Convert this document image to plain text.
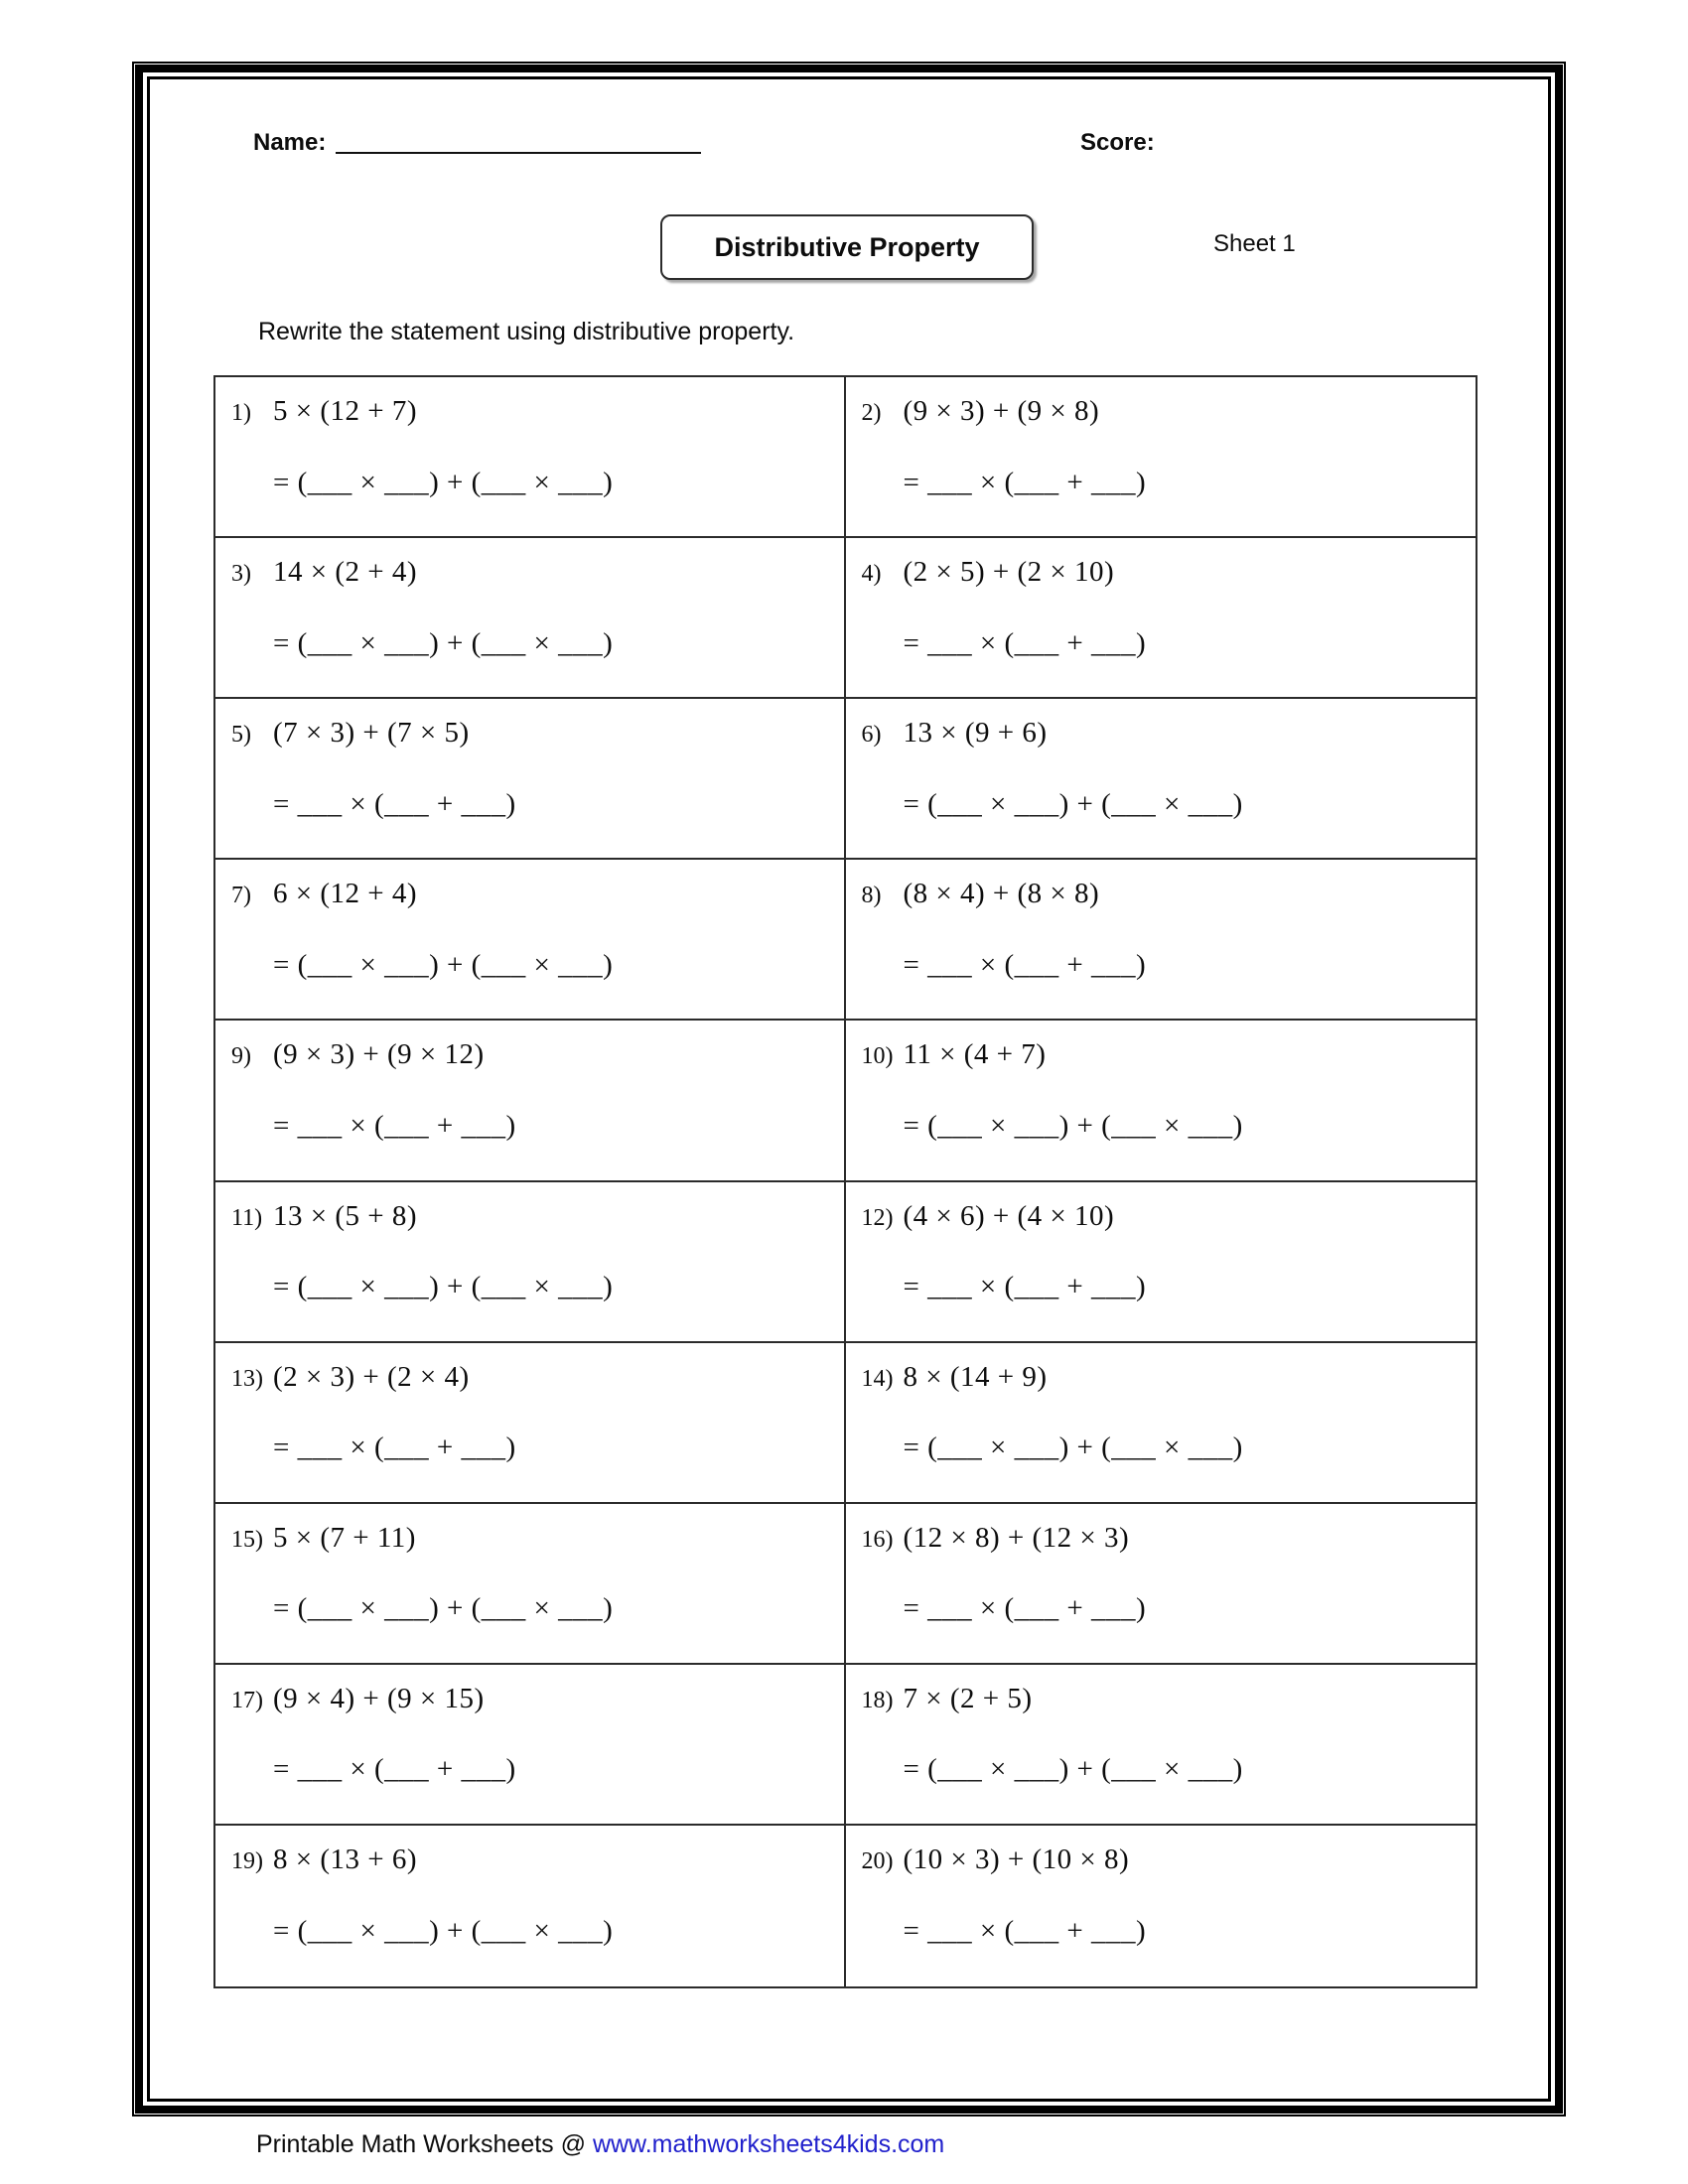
Name:	Score:
Distributive Property	Sheet 1
Rewrite the statement using distributive property.
1) 5 × (12 + 7)
= (___ × ___) + (___ × ___)
2) (9 × 3) + (9 × 8)
= ___ × (___ + ___)
3) 14 × (2 + 4)
= (___ × ___) + (___ × ___)
4) (2 × 5) + (2 × 10)
= ___ × (___ + ___)
5) (7 × 3) + (7 × 5)
= ___ × (___ + ___)
6) 13 × (9 + 6)
= (___ × ___) + (___ × ___)
7) 6 × (12 + 4)
= (___ × ___) + (___ × ___)
8) (8 × 4) + (8 × 8)
= ___ × (___ + ___)
9) (9 × 3) + (9 × 12)
= ___ × (___ + ___)
10) 11 × (4 + 7)
= (___ × ___) + (___ × ___)
11) 13 × (5 + 8)
= (___ × ___) + (___ × ___)
12) (4 × 6) + (4 × 10)
= ___ × (___ + ___)
13) (2 × 3) + (2 × 4)
= ___ × (___ + ___)
14) 8 × (14 + 9)
= (___ × ___) + (___ × ___)
15) 5 × (7 + 11)
= (___ × ___) + (___ × ___)
16) (12 × 8) + (12 × 3)
= ___ × (___ + ___)
17) (9 × 4) + (9 × 15)
= ___ × (___ + ___)
18) 7 × (2 + 5)
= (___ × ___) + (___ × ___)
19) 8 × (13 + 6)
= (___ × ___) + (___ × ___)
20) (10 × 3) + (10 × 8)
= ___ × (___ + ___)
Printable Math Worksheets @ www.mathworksheets4kids.com
